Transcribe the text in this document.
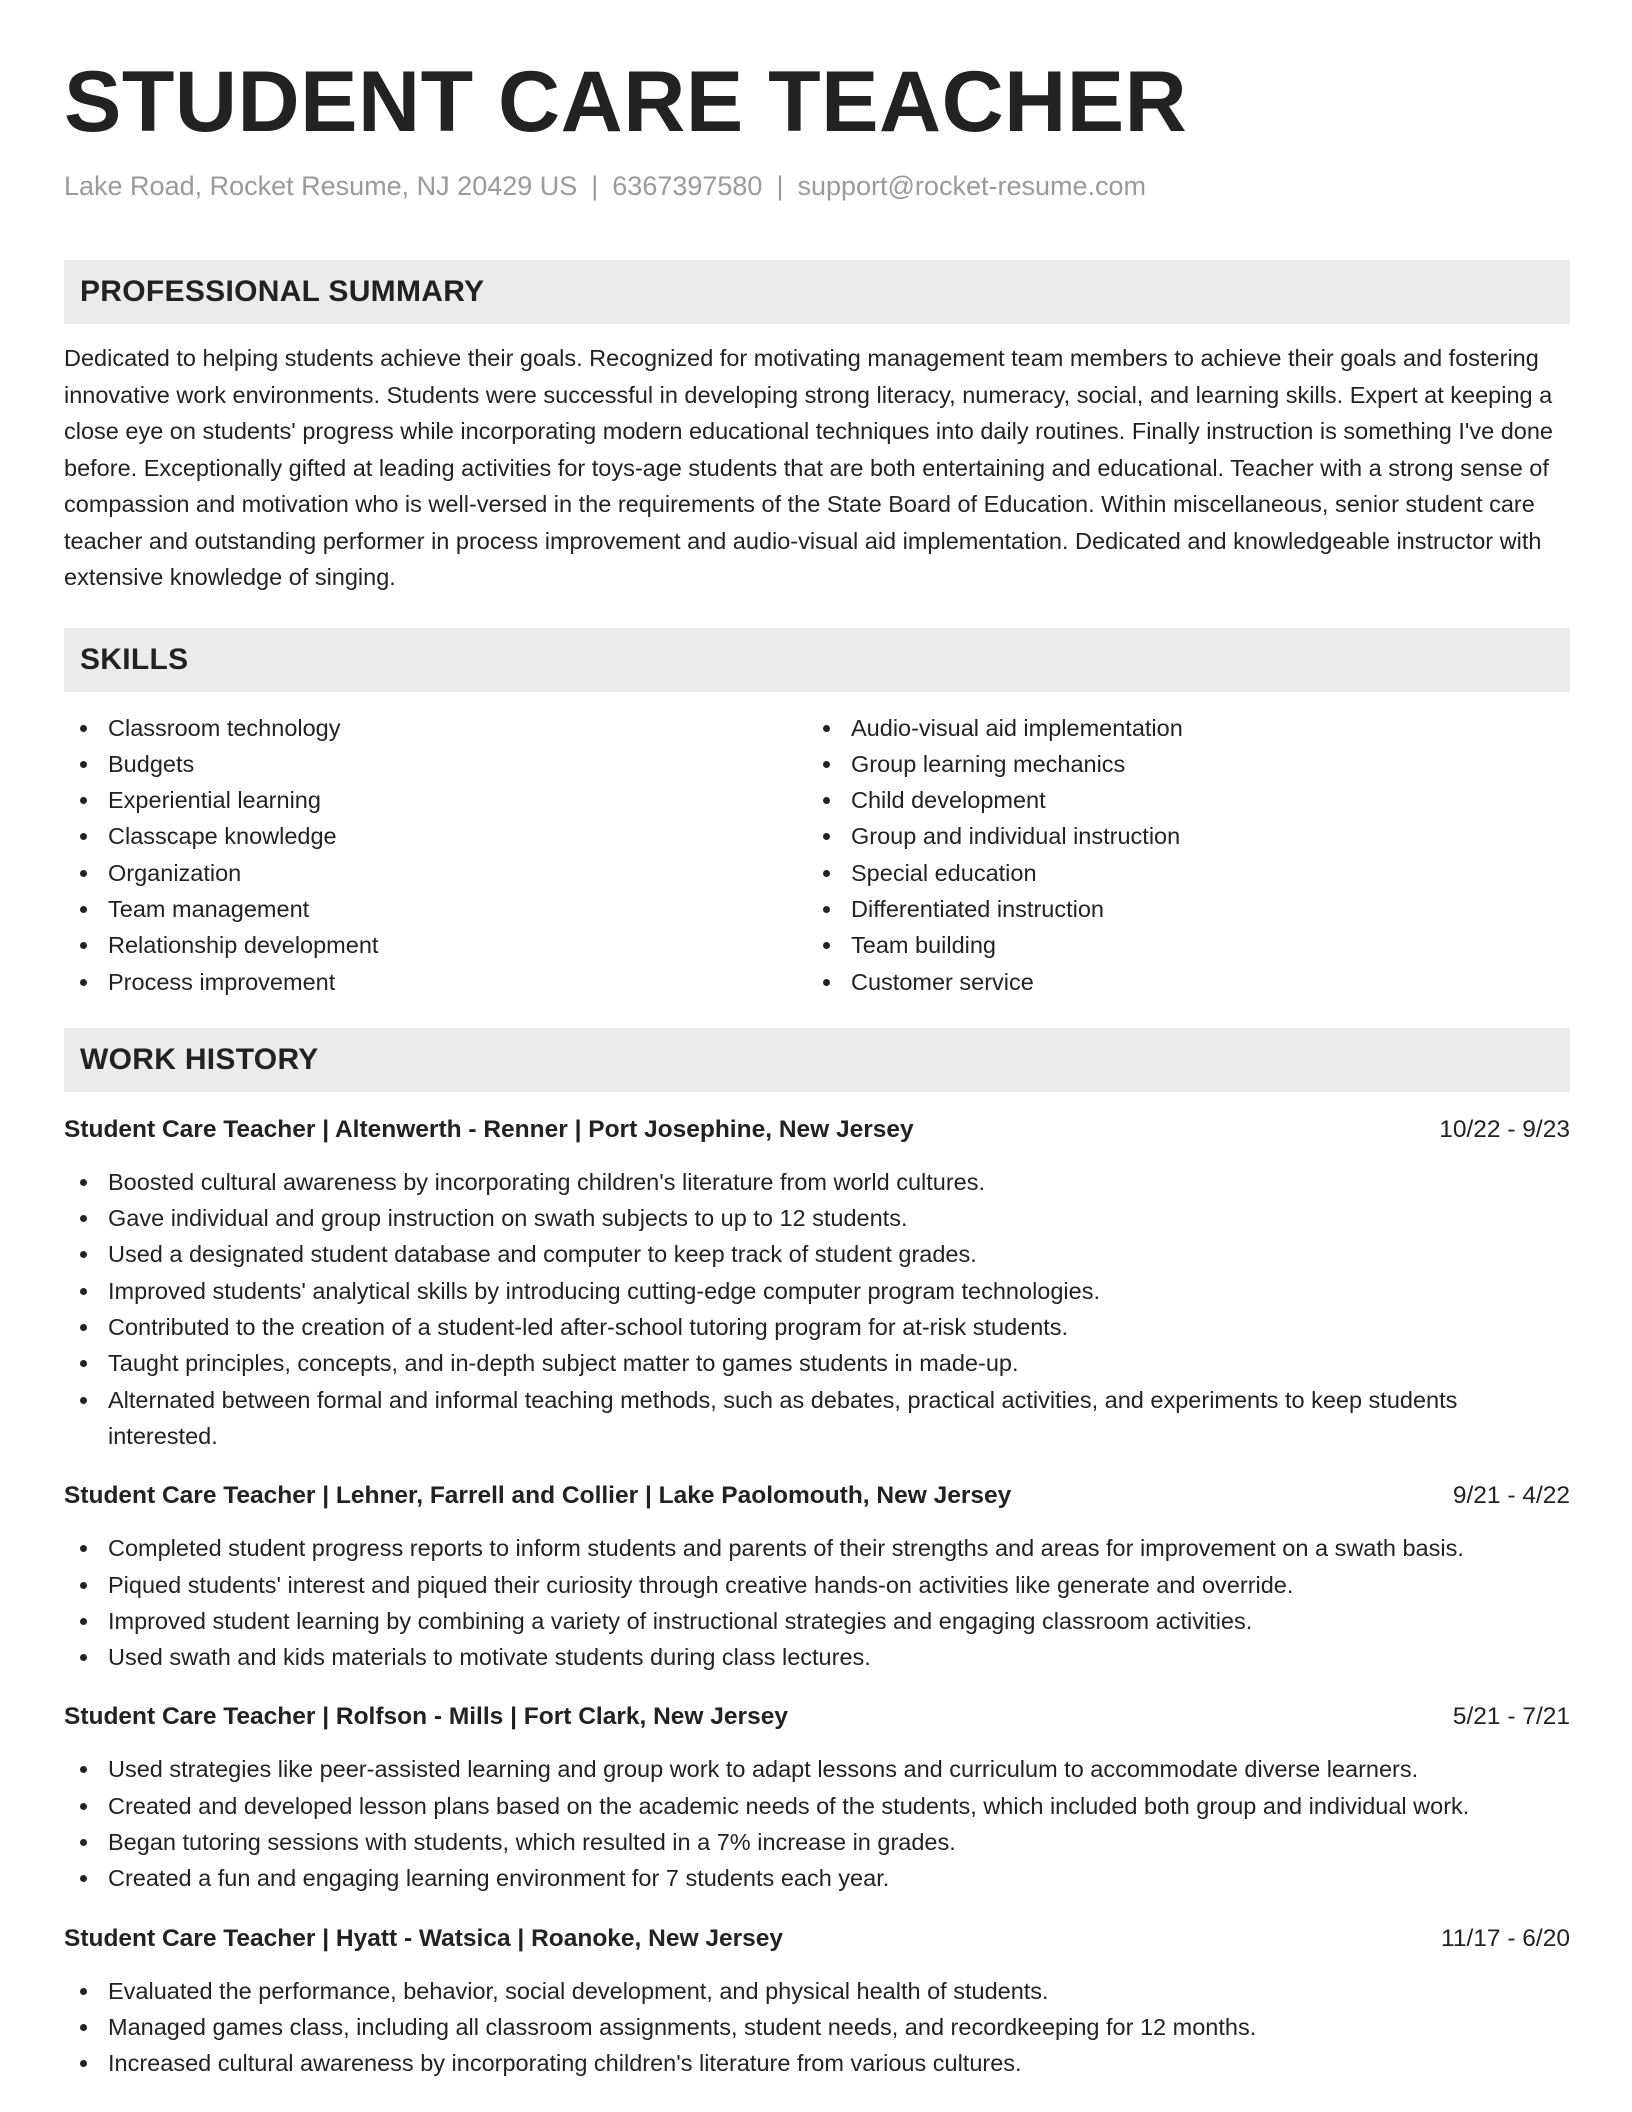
STUDENT CARE TEACHER
Lake Road, Rocket Resume, NJ 20429 US | 6367397580 | support@rocket-resume.com
PROFESSIONAL SUMMARY
Dedicated to helping students achieve their goals. Recognized for motivating management team members to achieve their goals and fostering innovative work environments. Students were successful in developing strong literacy, numeracy, social, and learning skills. Expert at keeping a close eye on students' progress while incorporating modern educational techniques into daily routines. Finally instruction is something I've done before. Exceptionally gifted at leading activities for toys-age students that are both entertaining and educational. Teacher with a strong sense of compassion and motivation who is well-versed in the requirements of the State Board of Education. Within miscellaneous, senior student care teacher and outstanding performer in process improvement and audio-visual aid implementation. Dedicated and knowledgeable instructor with extensive knowledge of singing.
SKILLS
Classroom technology
Budgets
Experiential learning
Classcape knowledge
Organization
Team management
Relationship development
Process improvement
Audio-visual aid implementation
Group learning mechanics
Child development
Group and individual instruction
Special education
Differentiated instruction
Team building
Customer service
WORK HISTORY
Student Care Teacher | Altenwerth - Renner | Port Josephine, New Jersey	10/22 - 9/23
Boosted cultural awareness by incorporating children's literature from world cultures.
Gave individual and group instruction on swath subjects to up to 12 students.
Used a designated student database and computer to keep track of student grades.
Improved students' analytical skills by introducing cutting-edge computer program technologies.
Contributed to the creation of a student-led after-school tutoring program for at-risk students.
Taught principles, concepts, and in-depth subject matter to games students in made-up.
Alternated between formal and informal teaching methods, such as debates, practical activities, and experiments to keep students interested.
Student Care Teacher | Lehner, Farrell and Collier | Lake Paolomouth, New Jersey	9/21 - 4/22
Completed student progress reports to inform students and parents of their strengths and areas for improvement on a swath basis.
Piqued students' interest and piqued their curiosity through creative hands-on activities like generate and override.
Improved student learning by combining a variety of instructional strategies and engaging classroom activities.
Used swath and kids materials to motivate students during class lectures.
Student Care Teacher | Rolfson - Mills | Fort Clark, New Jersey	5/21 - 7/21
Used strategies like peer-assisted learning and group work to adapt lessons and curriculum to accommodate diverse learners.
Created and developed lesson plans based on the academic needs of the students, which included both group and individual work.
Began tutoring sessions with students, which resulted in a 7% increase in grades.
Created a fun and engaging learning environment for 7 students each year.
Student Care Teacher | Hyatt - Watsica | Roanoke, New Jersey	11/17 - 6/20
Evaluated the performance, behavior, social development, and physical health of students.
Managed games class, including all classroom assignments, student needs, and recordkeeping for 12 months.
Increased cultural awareness by incorporating children's literature from various cultures.
